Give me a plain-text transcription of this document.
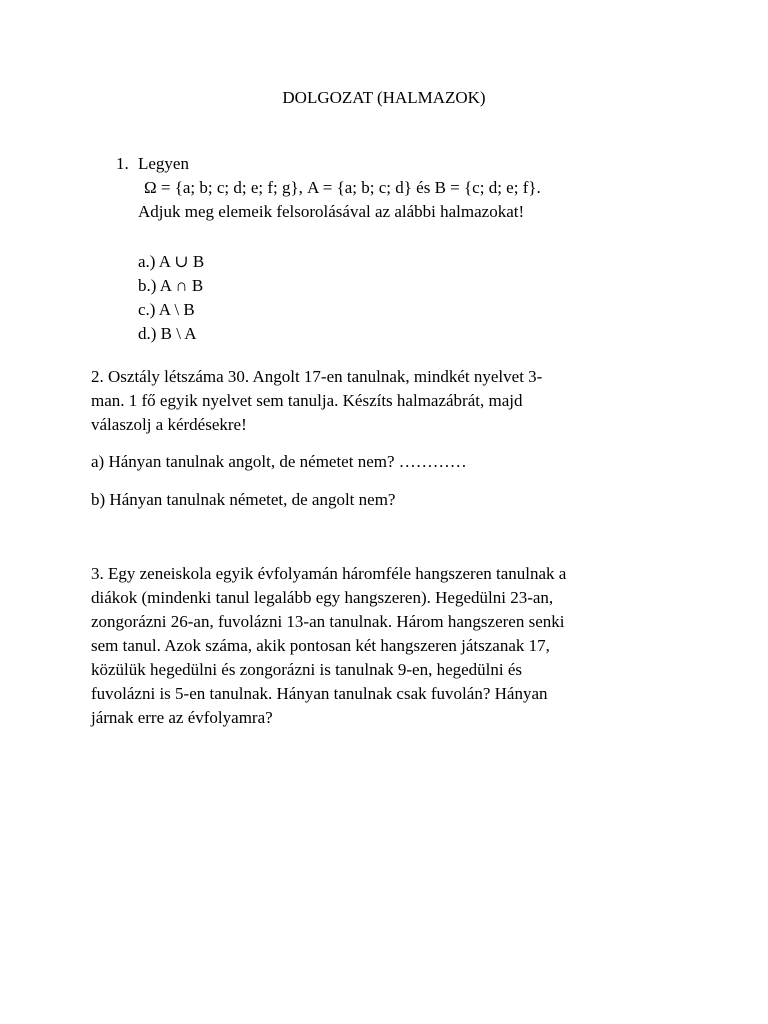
DOLGOZAT (HALMAZOK)
1. Legyen
Ω = {a; b; c; d; e; f; g}, A = {a; b; c; d} és B = {c; d; e; f}.
Adjuk meg elemeik felsorolásával az alábbi halmazokat!
a.) A ∪ B
b.) A ∩ B
c.) A \ B
d.) B \ A
2. Osztály létszáma 30. Angolt 17-en tanulnak, mindkét nyelvet 3-
man. 1 fő egyik nyelvet sem tanulja. Készíts halmazábrát, majd
válaszolj a kérdésekre!
a) Hányan tanulnak angolt, de németet nem? …………
b) Hányan tanulnak németet, de angolt nem?
3. Egy zeneiskola egyik évfolyamán háromféle hangszeren tanulnak a
diákok (mindenki tanul legalább egy hangszeren). Hegedülni 23-an,
zongorázni 26-an, fuvolázni 13-an tanulnak. Három hangszeren senki
sem tanul. Azok száma, akik pontosan két hangszeren játszanak 17,
közülük hegedülni és zongorázni is tanulnak 9-en, hegedülni és
fuvolázni is 5-en tanulnak. Hányan tanulnak csak fuvolán? Hányan
járnak erre az évfolyamra?
